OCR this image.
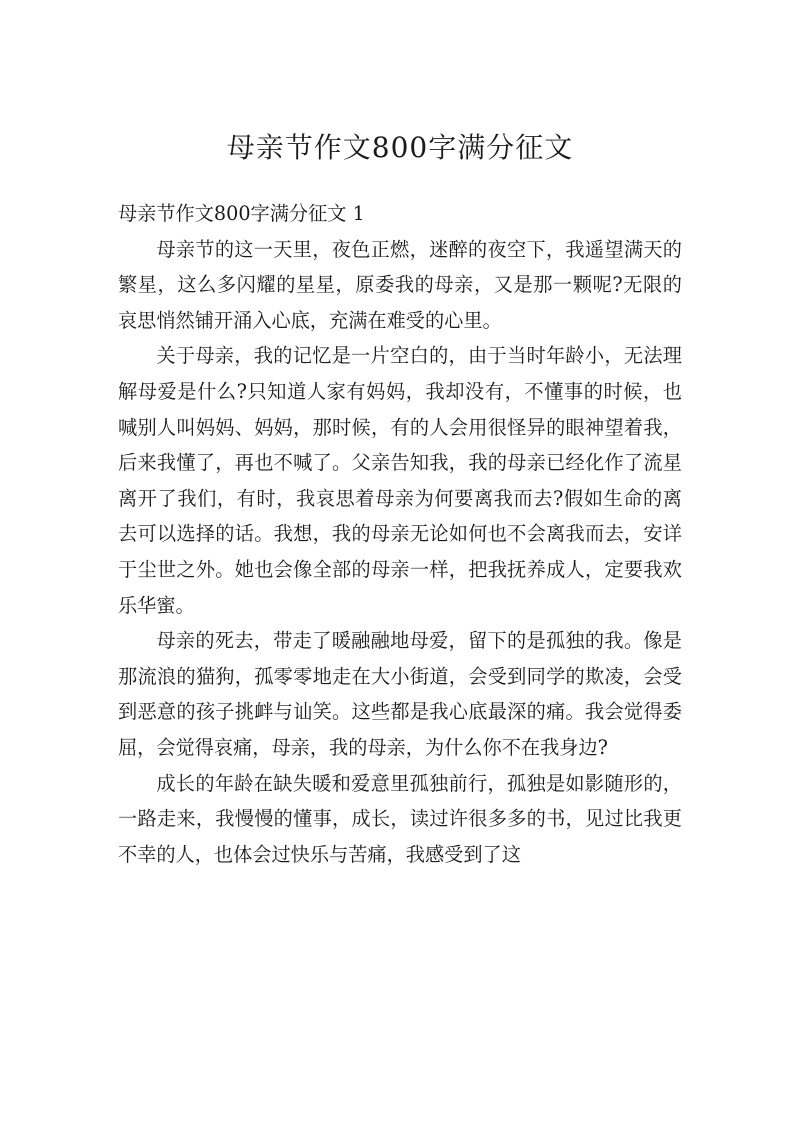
母亲节作文800字满分征文

母亲节作文800字满分征文 1

母亲节的这一天里，夜色正燃，迷醉的夜空下，我遥望满天的繁星，这么多闪耀的星星，原委我的母亲，又是那一颗呢?无限的哀思悄然铺开涌入心底，充满在难受的心里。

关于母亲，我的记忆是一片空白的，由于当时年龄小，无法理解母爱是什么?只知道人家有妈妈，我却没有，不懂事的时候，也喊别人叫妈妈、妈妈，那时候，有的人会用很怪异的眼神望着我，后来我懂了，再也不喊了。父亲告知我，我的母亲已经化作了流星离开了我们，有时，我哀思着母亲为何要离我而去?假如生命的离去可以选择的话。我想，我的母亲无论如何也不会离我而去，安详于尘世之外。她也会像全部的母亲一样，把我抚养成人，定要我欢乐华蜜。

母亲的死去，带走了暖融融地母爱，留下的是孤独的我。像是那流浪的猫狗，孤零零地走在大小街道，会受到同学的欺凌，会受到恶意的孩子挑衅与讪笑。这些都是我心底最深的痛。我会觉得委屈，会觉得哀痛，母亲，我的母亲，为什么你不在我身边?

成长的年龄在缺失暖和爱意里孤独前行，孤独是如影随形的，一路走来，我慢慢的懂事，成长，读过许很多多的书，见过比我更不幸的人，也体会过快乐与苦痛，我感受到了这
